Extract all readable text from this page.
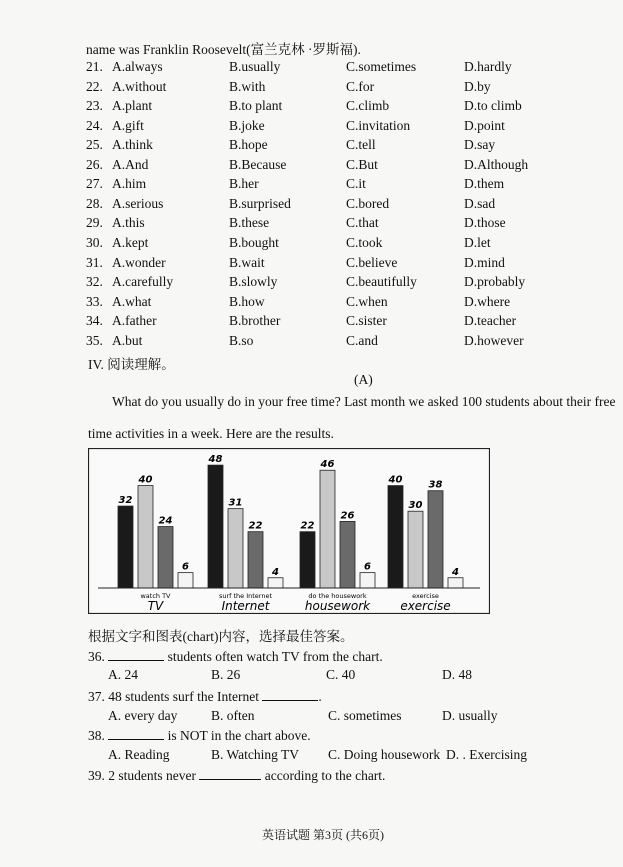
name was Franklin Roosevelt(富兰克林 ·罗斯福).
21. A.always	B.usually	C.sometimes	D.hardly
22. A.without	B.with	C.for	D.by
23. A.plant	B.to plant	C.climb	D.to climb
24. A.gift	B.joke	C.invitation	D.point
25. A.think	B.hope	C.tell	D.say
26. A.And	B.Because	C.But	D.Although
27. A.him	B.her	C.it	D.them
28. A.serious	B.surprised	C.bored	D.sad
29. A.this	B.these	C.that	D.those
30. A.kept	B.bought	C.took	D.let
31. A.wonder	B.wait	C.believe	D.mind
32. A.carefully	B.slowly	C.beautifully	D.probably
33. A.what	B.how	C.when	D.where
34. A.father	B.brother	C.sister	D.teacher
35. A.but	B.so	C.and	D.however
IV. 阅读理解。
(A)
What do you usually do in your free time? Last month we asked 100 students about their free
time activities in a week. Here are the results.
32
40
24
6
48
31
22
4
22
46
26
6
40
30
38
4
watch TV	surf the Internet	do the housework	exercise
TV	Internet	housework	exercise
根据文字和图表(chart)内容，选择最佳答案。
36.	students often watch TV from the chart.
A. 24	B. 26	C. 40	D. 48
37. 48 students surf the Internet	.
A. every day B. often	C. sometimes	D. usually
38.	is NOT in the chart above.
A. Reading	B. Watching TV C. Doing housework D. . Exercising
39. 2 students never	according to the chart.
英语试题 第3页 (共6页)
